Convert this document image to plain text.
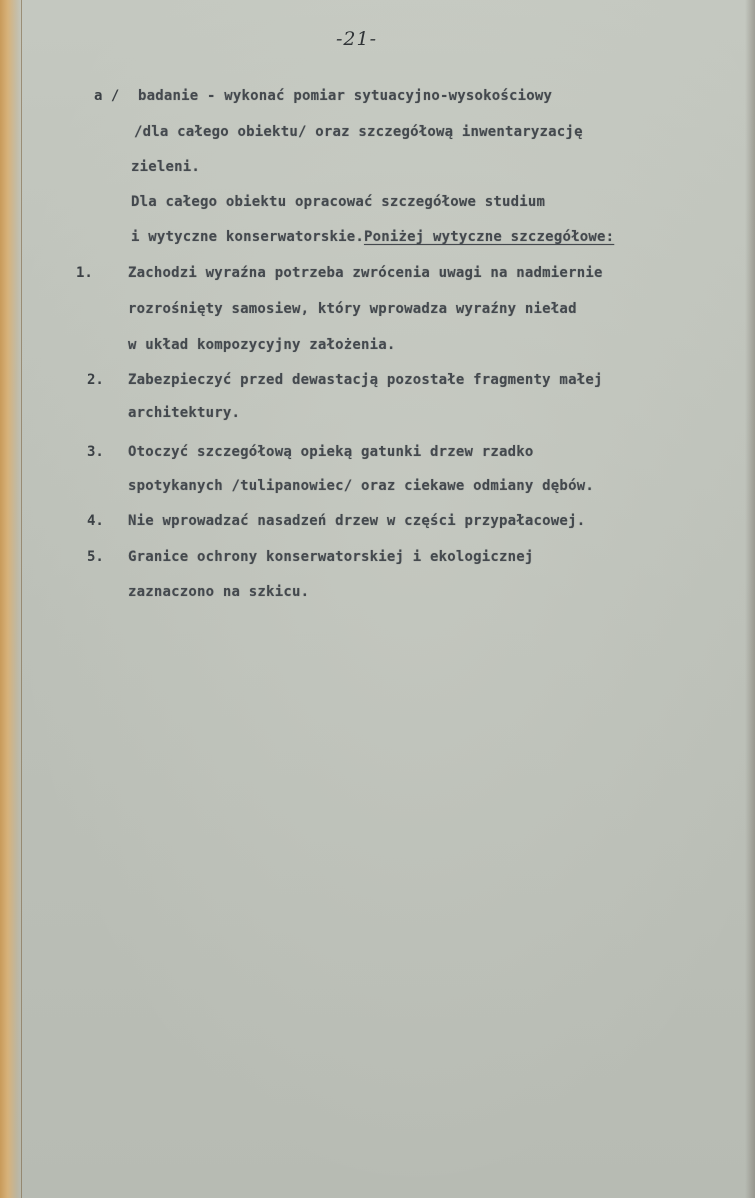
-21-
a / badanie - wykonać pomiar sytuacyjno-wysokościowy
/dla całego obiektu/ oraz szczegółową inwentaryzację
zieleni.
Dla całego obiektu opracować szczegółowe studium
i wytyczne konserwatorskie.Poniżej wytyczne szczegółowe:
1.	Zachodzi wyraźna potrzeba zwrócenia uwagi na nadmiernie
rozrośnięty samosiew, który wprowadza wyraźny nieład
w układ kompozycyjny założenia.
2. Zabezpieczyć przed dewastacją pozostałe fragmenty małej
architektury.
3. Otoczyć szczegółową opieką gatunki drzew rzadko
spotykanych /tulipanowiec/ oraz ciekawe odmiany dębów.
4. Nie wprowadzać nasadzeń drzew w części przypałacowej.
5. Granice ochrony konserwatorskiej i ekologicznej
zaznaczono na szkicu.
